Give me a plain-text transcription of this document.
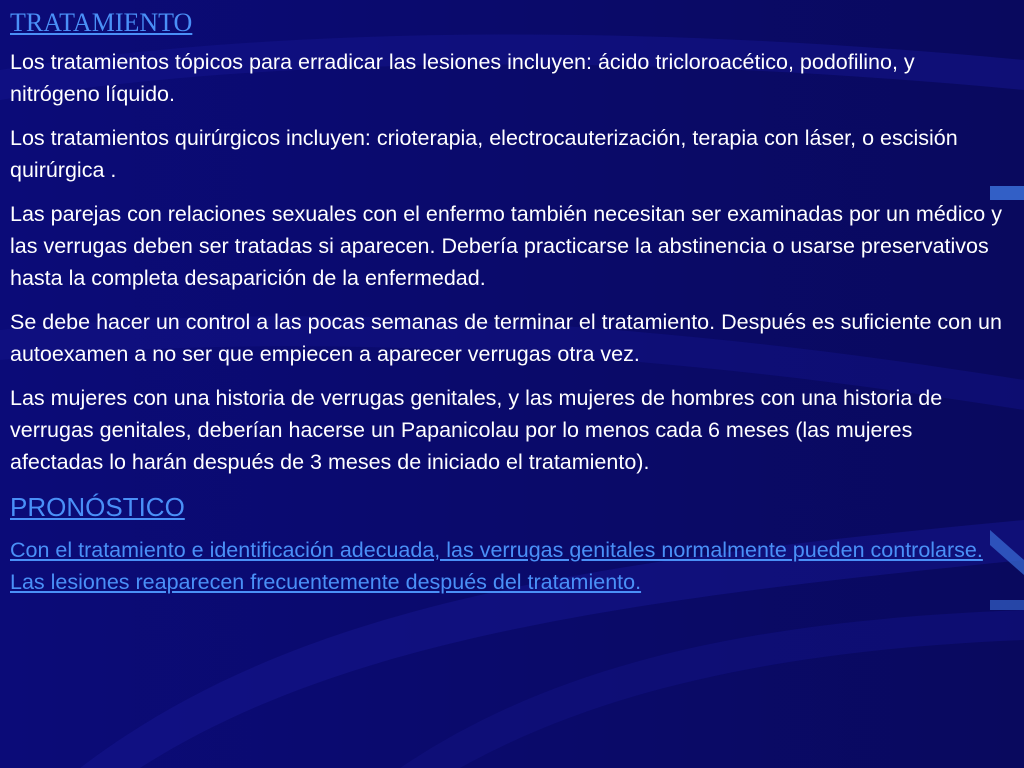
TRATAMIENTO

Los tratamientos tópicos para erradicar las lesiones incluyen: ácido tricloroacético, podofilino, y nitrógeno líquido.

Los tratamientos quirúrgicos incluyen: crioterapia, electrocauterización, terapia con láser, o escisión quirúrgica .

Las parejas con relaciones sexuales con el enfermo también necesitan ser examinadas por un médico y las verrugas deben ser tratadas si aparecen. Debería practicarse la abstinencia o usarse preservativos hasta la completa desaparición de la enfermedad.

Se debe hacer un control a las pocas semanas de terminar el tratamiento. Después es suficiente con un autoexamen a no ser que empiecen a aparecer verrugas otra vez.

Las mujeres con una historia de verrugas genitales, y las mujeres de hombres con una historia de verrugas genitales, deberían hacerse un Papanicolau por lo menos cada 6 meses (las mujeres afectadas lo harán después de 3 meses de iniciado el tratamiento).

PRONÓSTICO

Con el tratamiento e identificación adecuada, las verrugas genitales normalmente pueden controlarse. Las lesiones reaparecen frecuentemente después del tratamiento.
